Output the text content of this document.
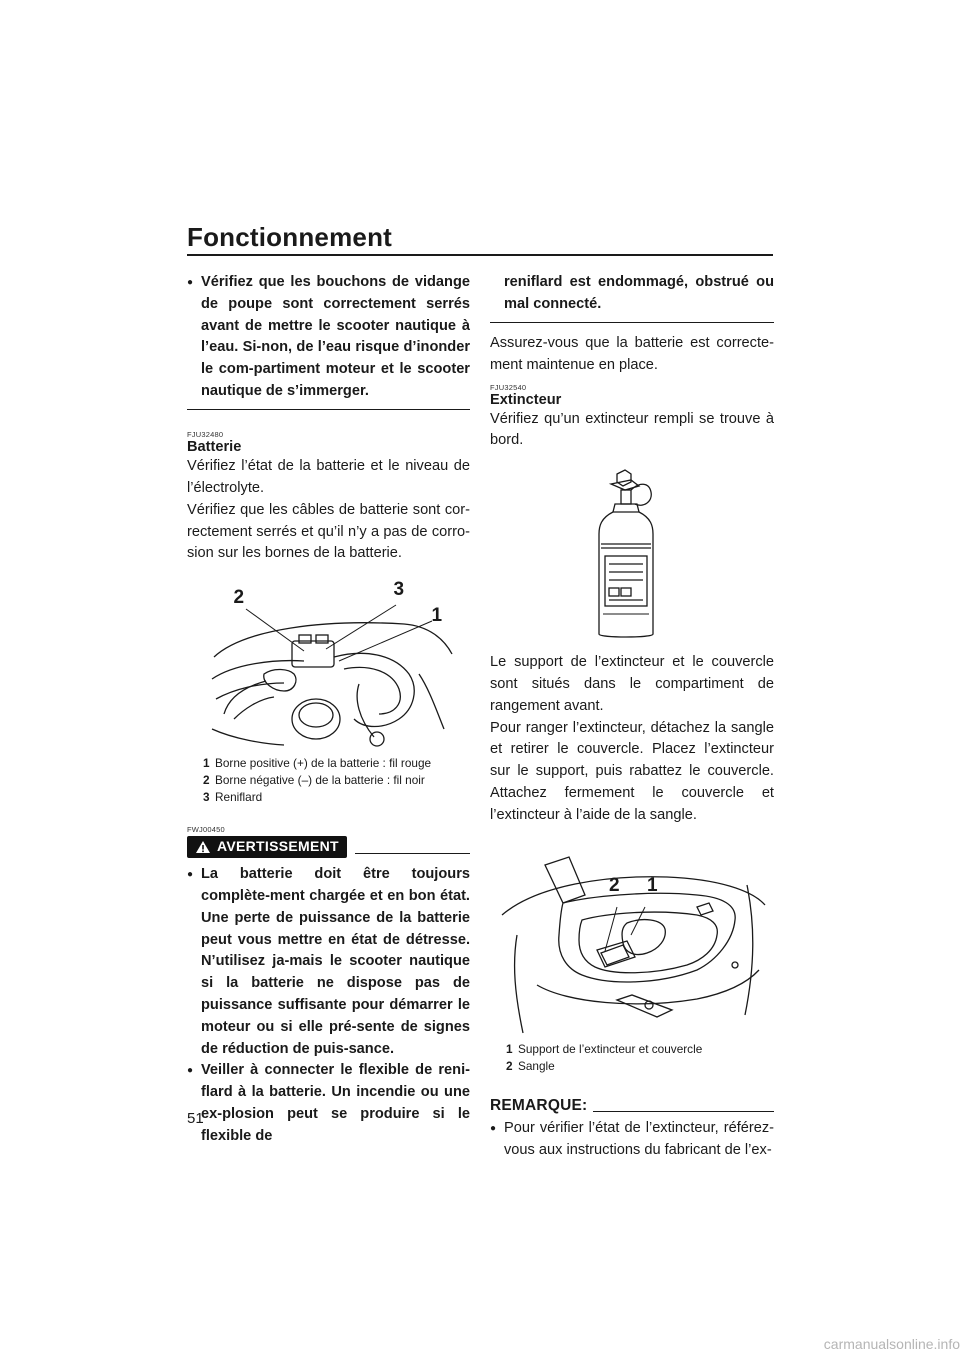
Fonctionnement
● Vérifiez que les bouchons de vidange de poupe sont correctement serrés avant de mettre le scooter nautique à l’eau. Si-non, de l’eau risque d’inonder le com-partiment moteur et le scooter nautique de s’immerger.
FJU32480
Batterie
Vérifiez l’état de la batterie et le niveau de l’électrolyte.
Vérifiez que les câbles de batterie sont cor-rectement serrés et qu’il n’y a pas de corro-sion sur les bornes de la batterie.
2	3
1
1 Borne positive (+) de la batterie : fil rouge
2 Borne négative (–) de la batterie : fil noir
3 Reniflard
FWJ00450
AVERTISSEMENT
● La batterie doit être toujours complète-ment chargée et en bon état. Une perte de puissance de la batterie peut vous mettre en état de détresse. N’utilisez ja-mais le scooter nautique si la batterie ne dispose pas de puissance suffisante pour démarrer le moteur ou si elle pré-sente de signes de réduction de puis-sance.
● Veiller à connecter le flexible de reni-flard à la batterie. Un incendie ou une ex-plosion peut se produire si le flexible de
reniflard est endommagé, obstrué ou mal connecté.
Assurez-vous que la batterie est correcte-ment maintenue en place.
FJU32540
Extincteur
Vérifiez qu’un extincteur rempli se trouve à bord.
Le support de l’extincteur et le couvercle sont situés dans le compartiment de rangement avant.
Pour ranger l’extincteur, détachez la sangle et retirer le couvercle. Placez l’extincteur sur le support, puis rabattez le couvercle. Attachez fermement le couvercle et l’extincteur à l’aide de la sangle.
2 1
1 Support de l’extincteur et couvercle
2 Sangle
REMARQUE:
● Pour vérifier l’état de l’extincteur, référez-vous aux instructions du fabricant de l’ex-
51
carmanualsonline.info
